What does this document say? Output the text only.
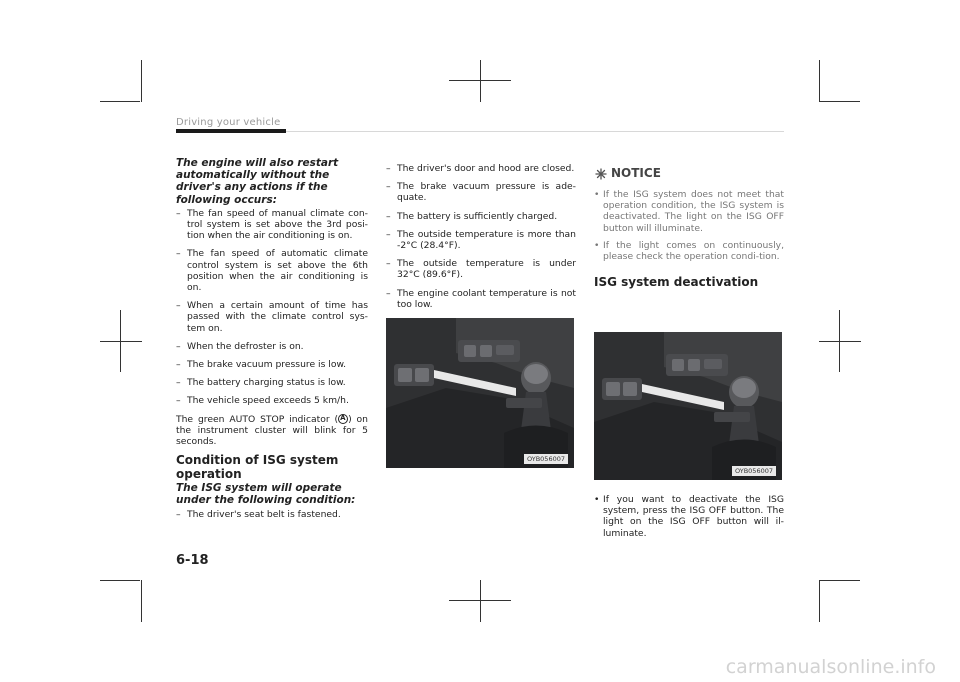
Driving your vehicle
The engine will also restart automatically without the driver's any actions if the following occurs:
– The fan speed of manual climate con-trol system is set above the 3rd posi-tion when the air conditioning is on.
– The fan speed of automatic climate control system is set above the 6th position when the air conditioning is on.
– When a certain amount of time has passed with the climate control sys-tem on.
– When the defroster is on.
– The brake vacuum pressure is low.
– The battery charging status is low.
– The vehicle speed exceeds 5 km/h.
The green AUTO STOP indicator (A ) on the instrument cluster will blink for 5 seconds.
Condition of ISG system operation
The ISG system will operate under the following condition:
– The driver's seat belt is fastened.
– The driver's door and hood are closed.
– The brake vacuum pressure is ade-quate.
– The battery is sufficiently charged.
– The outside temperature is more than -2°C (28.4°F).
– The outside temperature is under 32°C (89.6°F).
– The engine coolant temperature is not too low.
OYB056007
NOTICE
• If the ISG system does not meet that operation condition, the ISG system is deactivated. The light on the ISG OFF button will illuminate.
• If the light comes on continuously, please check the operation condi-tion.
ISG system deactivation
OYB056007
• If you want to deactivate the ISG system, press the ISG OFF button. The light on the ISG OFF button will il-luminate.
6-18
carmanualsonline.info
